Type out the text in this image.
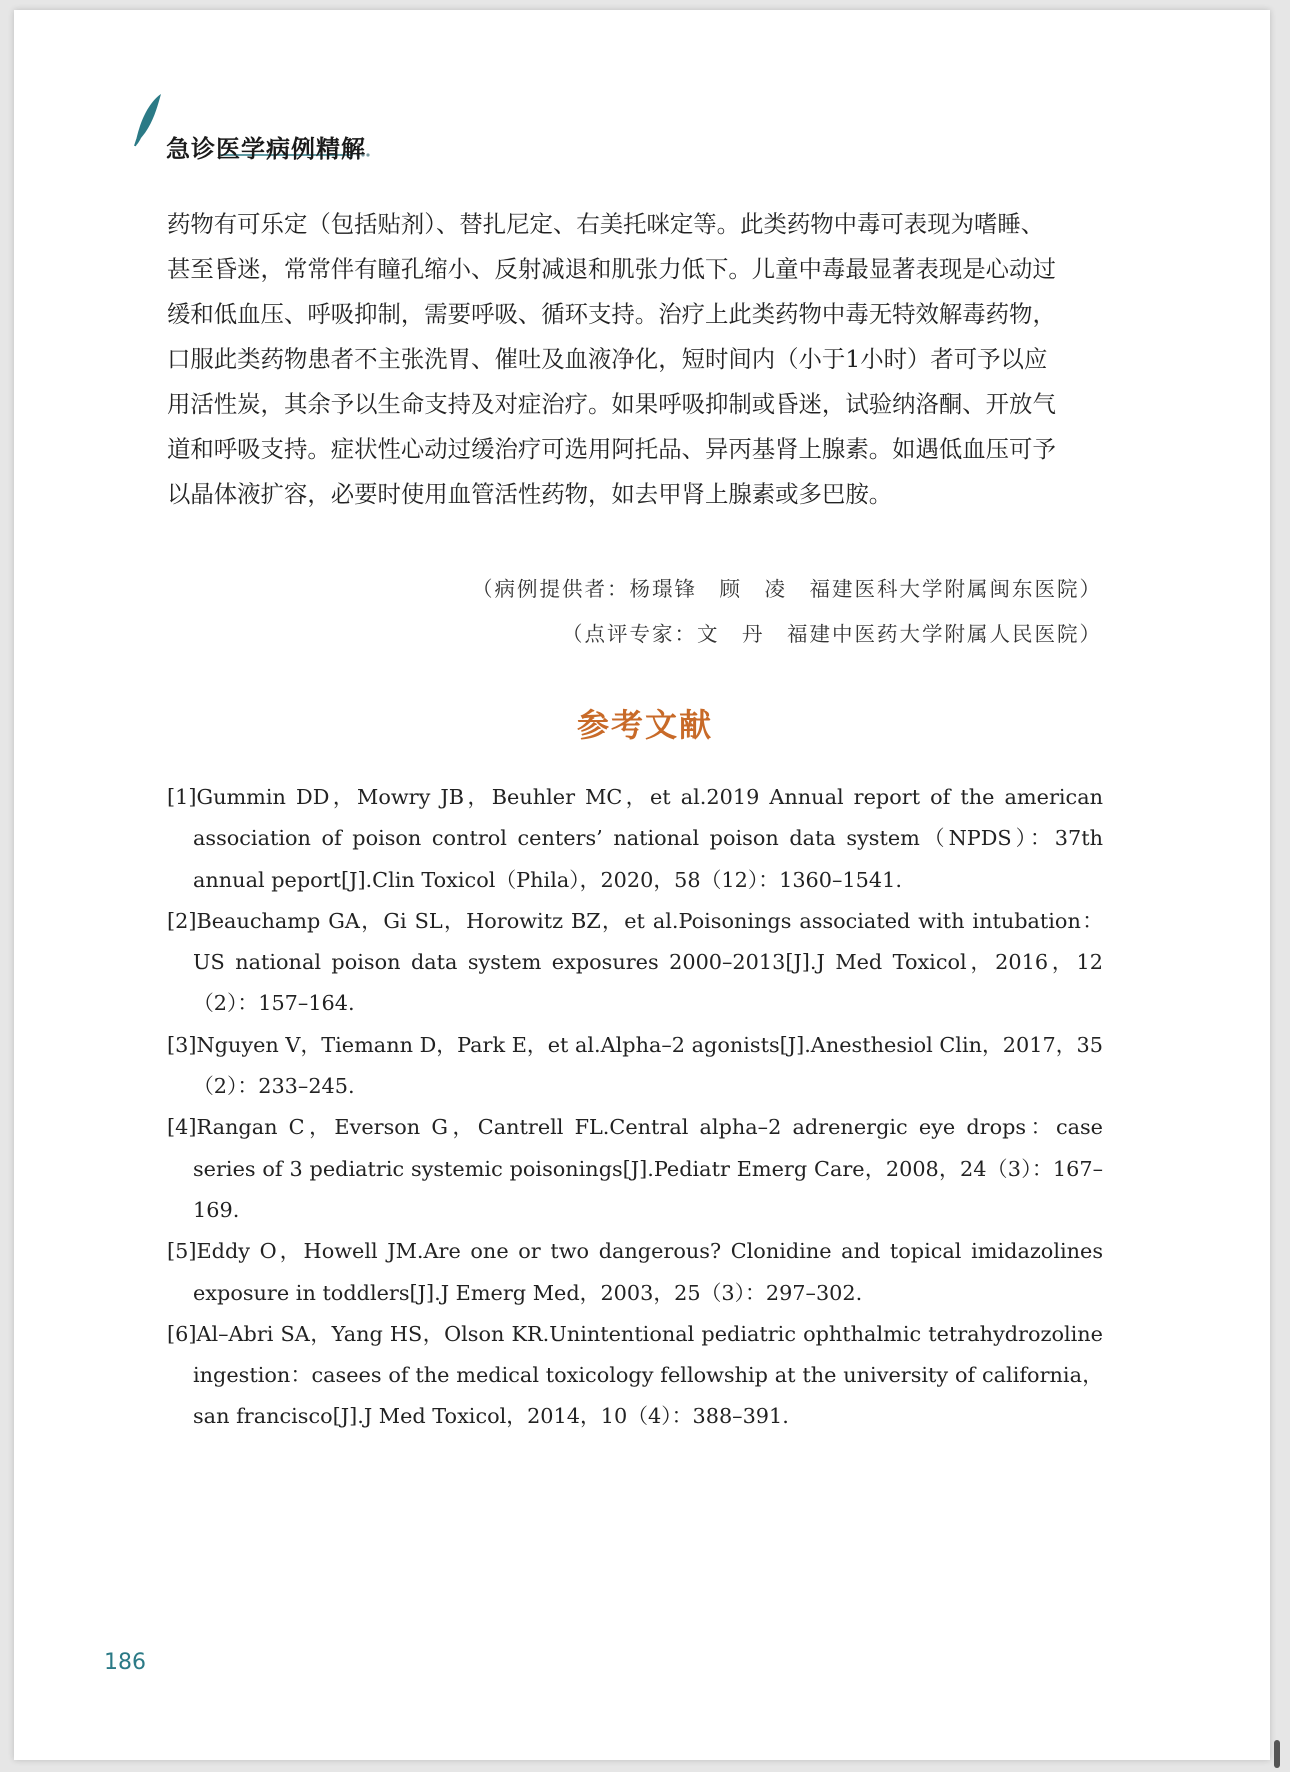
急诊医学病例精解
药物有可乐定（包括贴剂）、替扎尼定、右美托咪定等。此类药物中毒可表现为嗜睡、
甚至昏迷，常常伴有瞳孔缩小、反射减退和肌张力低下。儿童中毒最显著表现是心动过
缓和低血压、呼吸抑制，需要呼吸、循环支持。治疗上此类药物中毒无特效解毒药物，
口服此类药物患者不主张洗胃、催吐及血液净化，短时间内（小于1小时）者可予以应
用活性炭，其余予以生命支持及对症治疗。如果呼吸抑制或昏迷，试验纳洛酮、开放气
道和呼吸支持。症状性心动过缓治疗可选用阿托品、异丙基肾上腺素。如遇低血压可予
以晶体液扩容，必要时使用血管活性药物，如去甲肾上腺素或多巴胺。
（病例提供者：杨璟锋　顾　凌　福建医科大学附属闽东医院）
（点评专家：文　丹　福建中医药大学附属人民医院）
参考文献
[1]Gummin DD，Mowry JB，Beuhler MC，et al.2019 Annual report of the american association of poison control centers’ national poison data system（NPDS）：37th annual peport[J].Clin Toxicol（Phila），2020，58（12）：1360–1541.
[2]Beauchamp GA，Gi SL，Horowitz BZ，et al.Poisonings associated with intubation：US national poison data system exposures 2000–2013[J].J Med Toxicol，2016，12（2）：157–164.
[3]Nguyen V，Tiemann D，Park E，et al.Alpha–2 agonists[J].Anesthesiol Clin，2017，35（2）：233–245.
[4]Rangan C，Everson G，Cantrell FL.Central alpha–2 adrenergic eye drops：case series of 3 pediatric systemic poisonings[J].Pediatr Emerg Care，2008，24（3）：167–169.
[5]Eddy O，Howell JM.Are one or two dangerous? Clonidine and topical imidazolines exposure in toddlers[J].J Emerg Med，2003，25（3）：297–302.
[6]Al–Abri SA，Yang HS，Olson KR.Unintentional pediatric ophthalmic tetrahydrozoline ingestion：casees of the medical toxicology fellowship at the university of california，san francisco[J].J Med Toxicol，2014，10（4）：388–391.
186
